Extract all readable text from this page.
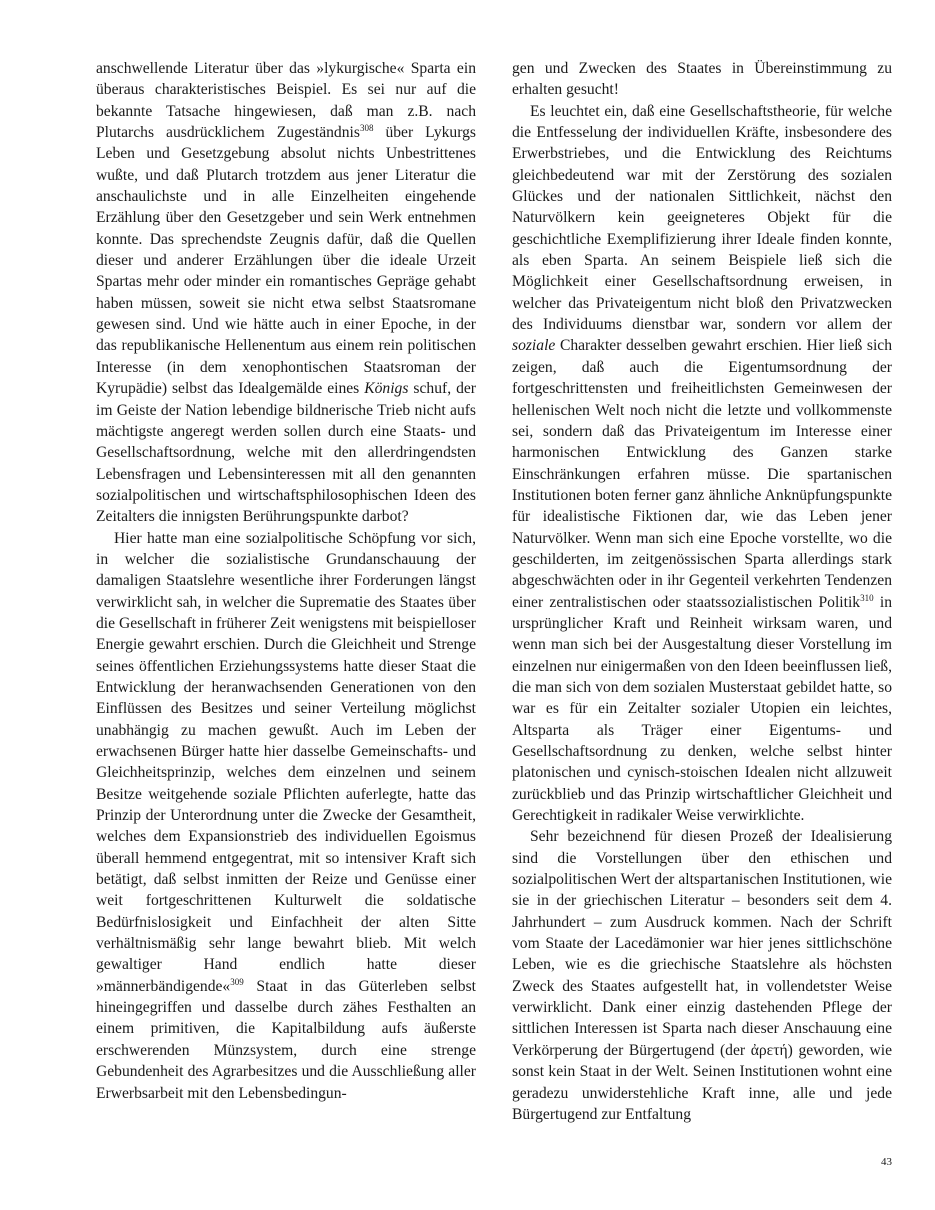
anschwellende Literatur über das »lykurgische« Sparta ein überaus charakteristisches Beispiel. Es sei nur auf die bekannte Tatsache hingewiesen, daß man z.B. nach Plutarchs ausdrücklichem Zugeständnis$^{308}$ über Lykurgs Leben und Gesetzgebung absolut nichts Unbestrittenes wußte, und daß Plutarch trotzdem aus jener Literatur die anschaulichste und in alle Einzelheiten eingehende Erzählung über den Gesetzgeber und sein Werk entnehmen konnte. Das sprechendste Zeugnis dafür, daß die Quellen dieser und anderer Erzählungen über die ideale Urzeit Spartas mehr oder minder ein romantisches Gepräge gehabt haben müssen, soweit sie nicht etwa selbst Staatsromane gewesen sind. Und wie hätte auch in einer Epoche, in der das republikanische Hellenentum aus einem rein politischen Interesse (in dem xenophontischen Staatsroman der Kyrupädie) selbst das Idealgemälde eines Königs schuf, der im Geiste der Nation lebendige bildnerische Trieb nicht aufs mächtigste angeregt werden sollen durch eine Staats- und Gesellschaftsordnung, welche mit den allerdringendsten Lebensfragen und Lebensinteressen mit all den genannten sozialpolitischen und wirtschaftsphilosophischen Ideen des Zeitalters die innigsten Berührungspunkte darbot?

Hier hatte man eine sozialpolitische Schöpfung vor sich, in welcher die sozialistische Grundanschauung der damaligen Staatslehre wesentliche ihrer Forderungen längst verwirklicht sah, in welcher die Suprematie des Staates über die Gesellschaft in früherer Zeit wenigstens mit beispielloser Energie gewahrt erschien. Durch die Gleichheit und Strenge seines öffentlichen Erziehungssystems hatte dieser Staat die Entwicklung der heranwachsenden Generationen von den Einflüssen des Besitzes und seiner Verteilung möglichst unabhängig zu machen gewußt. Auch im Leben der erwachsenen Bürger hatte hier dasselbe Gemeinschafts- und Gleichheitsprinzip, welches dem einzelnen und seinem Besitze weitgehende soziale Pflichten auferlegte, hatte das Prinzip der Unterordnung unter die Zwecke der Gesamtheit, welches dem Expansionstrieb des individuellen Egoismus überall hemmend entgegentrat, mit so intensiver Kraft sich betätigt, daß selbst inmitten der Reize und Genüsse einer weit fortgeschrittenen Kulturwelt die soldatische Bedürfnislosigkeit und Einfachheit der alten Sitte verhältnismäßig sehr lange bewahrt blieb. Mit welch gewaltiger Hand endlich hatte dieser »männerbändigende«$^{309}$ Staat in das Güterleben selbst hineingegriffen und dasselbe durch zähes Festhalten an einem primitiven, die Kapitalbildung aufs äußerste erschwerenden Münzsystem, durch eine strenge Gebundenheit des Agrarbesitzes und die Ausschließung aller Erwerbsarbeit mit den Lebensbedingun-

gen und Zwecken des Staates in Übereinstimmung zu erhalten gesucht!

Es leuchtet ein, daß eine Gesellschaftstheorie, für welche die Entfesselung der individuellen Kräfte, insbesondere des Erwerbstriebes, und die Entwicklung des Reichtums gleichbedeutend war mit der Zerstörung des sozialen Glückes und der nationalen Sittlichkeit, nächst den Naturvölkern kein geeigneteres Objekt für die geschichtliche Exemplifizierung ihrer Ideale finden konnte, als eben Sparta. An seinem Beispiele ließ sich die Möglichkeit einer Gesellschaftsordnung erweisen, in welcher das Privateigentum nicht bloß den Privatzwecken des Individuums dienstbar war, sondern vor allem der soziale Charakter desselben gewahrt erschien. Hier ließ sich zeigen, daß auch die Eigentumsordnung der fortgeschrittensten und freiheitlichsten Gemeinwesen der hellenischen Welt noch nicht die letzte und vollkommenste sei, sondern daß das Privateigentum im Interesse einer harmonischen Entwicklung des Ganzen starke Einschränkungen erfahren müsse. Die spartanischen Institutionen boten ferner ganz ähnliche Anknüpfungspunkte für idealistische Fiktionen dar, wie das Leben jener Naturvölker. Wenn man sich eine Epoche vorstellte, wo die geschilderten, im zeitgenössischen Sparta allerdings stark abgeschwächten oder in ihr Gegenteil verkehrten Tendenzen einer zentralistischen oder staatssozialistischen Politik$^{310}$ in ursprünglicher Kraft und Reinheit wirksam waren, und wenn man sich bei der Ausgestaltung dieser Vorstellung im einzelnen nur einigermaßen von den Ideen beeinflussen ließ, die man sich von dem sozialen Musterstaat gebildet hatte, so war es für ein Zeitalter sozialer Utopien ein leichtes, Altsparta als Träger einer Eigentums- und Gesellschaftsordnung zu denken, welche selbst hinter platonischen und cynisch-stoischen Idealen nicht allzuweit zurückblieb und das Prinzip wirtschaftlicher Gleichheit und Gerechtigkeit in radikaler Weise verwirklichte.

Sehr bezeichnend für diesen Prozeß der Idealisierung sind die Vorstellungen über den ethischen und sozialpolitischen Wert der altspartanischen Institutionen, wie sie in der griechischen Literatur – besonders seit dem 4. Jahrhundert – zum Ausdruck kommen. Nach der Schrift vom Staate der Lacedämonier war hier jenes sittlichschöne Leben, wie es die griechische Staatslehre als höchsten Zweck des Staates aufgestellt hat, in vollendetster Weise verwirklicht. Dank einer einzig dastehenden Pflege der sittlichen Interessen ist Sparta nach dieser Anschauung eine Verkörperung der Bürgertugend (der ἀρετή) geworden, wie sonst kein Staat in der Welt. Seinen Institutionen wohnt eine geradezu unwiderstehliche Kraft inne, alle und jede Bürgertugend zur Entfaltung

43
